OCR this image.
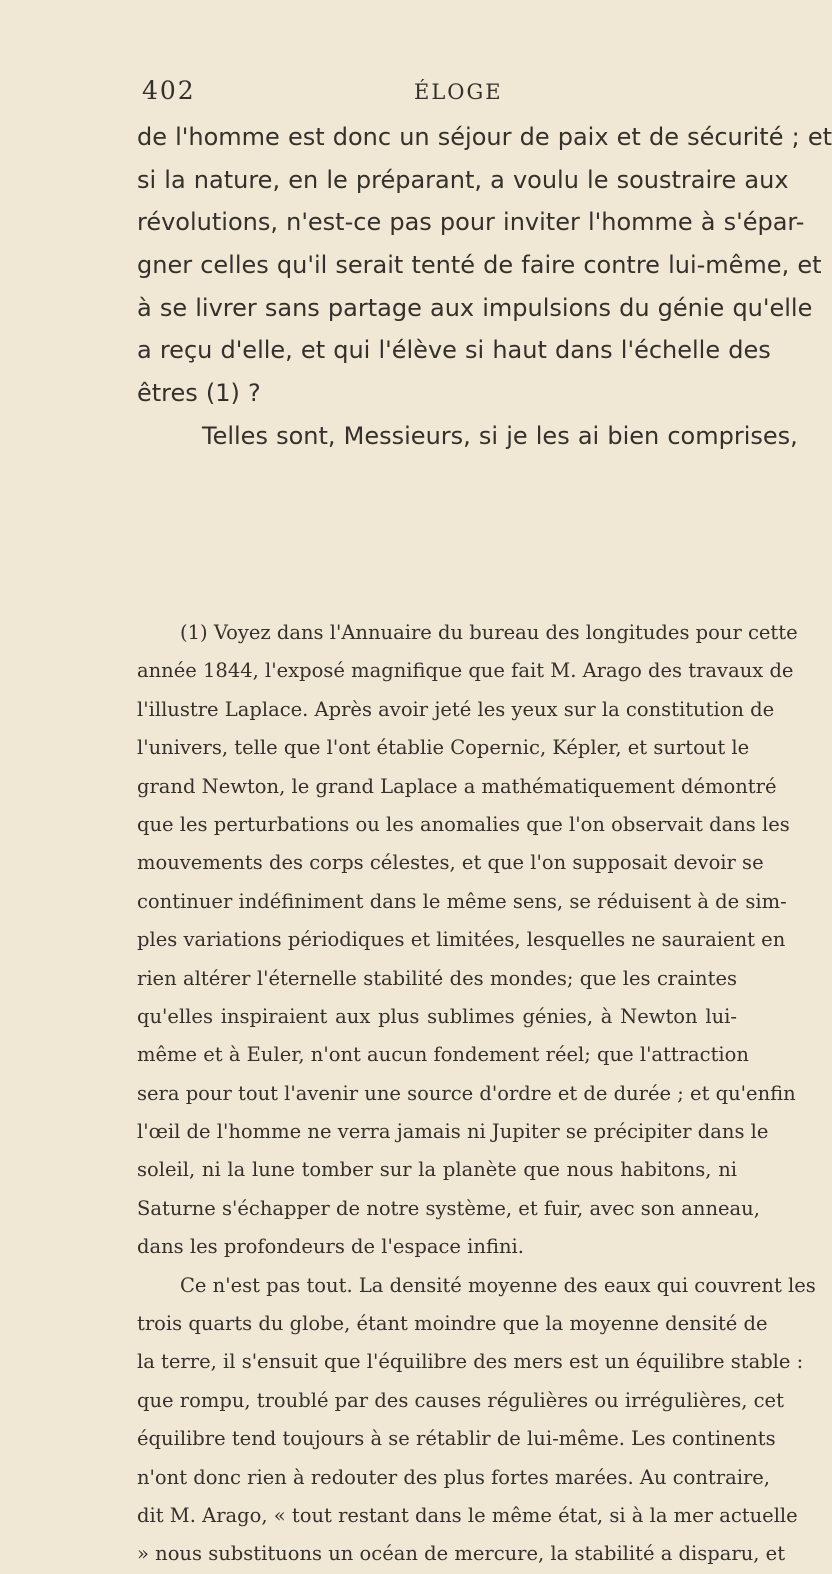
402	ÉLOGE

de l'homme est donc un séjour de paix et de sécurité ; et
si la nature, en le préparant, a voulu le soustraire aux
révolutions, n'est-ce pas pour inviter l'homme à s'épar-
gner celles qu'il serait tenté de faire contre lui-même, et
à se livrer sans partage aux impulsions du génie qu'elle
a reçu d'elle, et qui l'élève si haut dans l'échelle des
êtres (1) ?

Telles sont, Messieurs, si je les ai bien comprises,

(1) Voyez dans l'Annuaire du bureau des longitudes pour cette
année 1844, l'exposé magnifique que fait M. Arago des travaux de
l'illustre Laplace. Après avoir jeté les yeux sur la constitution de
l'univers, telle que l'ont établie Copernic, Képler, et surtout le
grand Newton, le grand Laplace a mathématiquement démontré
que les perturbations ou les anomalies que l'on observait dans les
mouvements des corps célestes, et que l'on supposait devoir se
continuer indéfiniment dans le même sens, se réduisent à de sim-
ples variations périodiques et limitées, lesquelles ne sauraient en
rien altérer l'éternelle stabilité des mondes; que les craintes
qu'elles inspiraient aux plus sublimes génies, à Newton lui-
même et à Euler, n'ont aucun fondement réel; que l'attraction
sera pour tout l'avenir une source d'ordre et de durée ; et qu'enfin
l'œil de l'homme ne verra jamais ni Jupiter se précipiter dans le
soleil, ni la lune tomber sur la planète que nous habitons, ni
Saturne s'échapper de notre système, et fuir, avec son anneau,
dans les profondeurs de l'espace infini.

Ce n'est pas tout. La densité moyenne des eaux qui couvrent les
trois quarts du globe, étant moindre que la moyenne densité de
la terre, il s'ensuit que l'équilibre des mers est un équilibre stable :
que rompu, troublé par des causes régulières ou irrégulières, cet
équilibre tend toujours à se rétablir de lui-même. Les continents
n'ont donc rien à redouter des plus fortes marées. Au contraire,
dit M. Arago, « tout restant dans le même état, si à la mer actuelle
» nous substituons un océan de mercure, la stabilité a disparu, et
